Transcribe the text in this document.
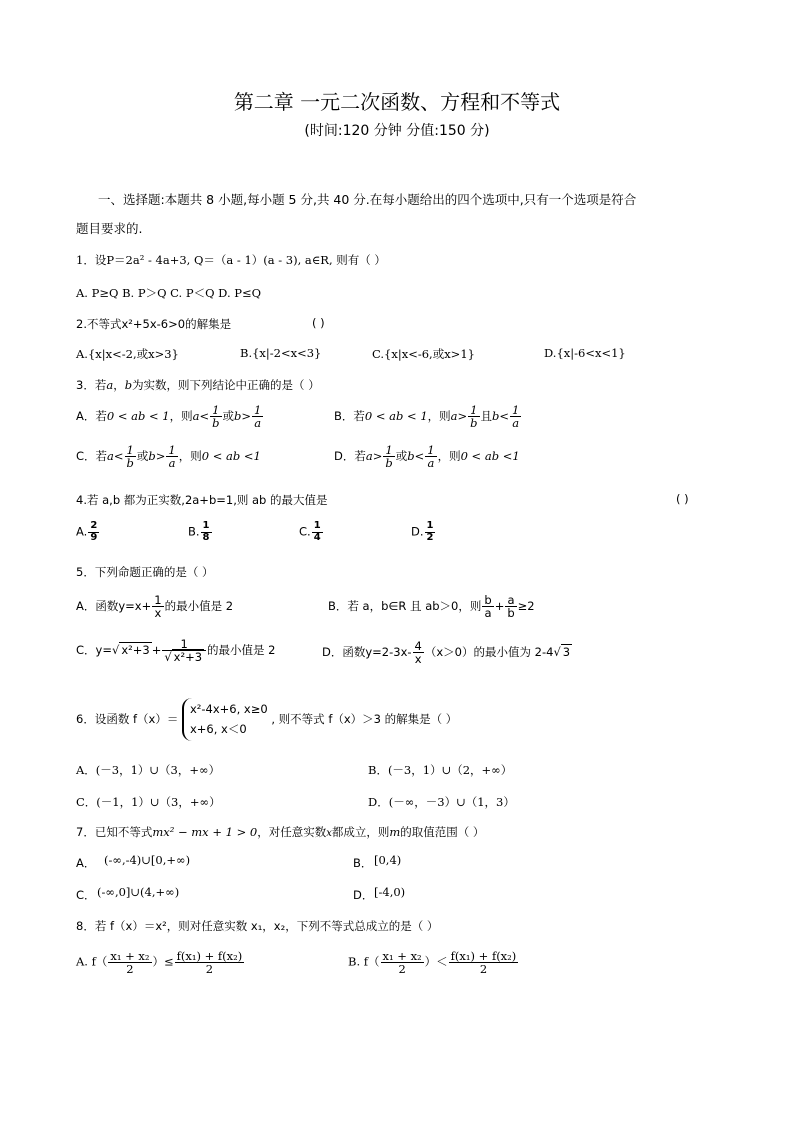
第二章 一元二次函数、方程和不等式
(时间:120 分钟 分值:150 分)
一、选择题:本题共 8 小题,每小题 5 分,共 40 分.在每小题给出的四个选项中,只有一个选项是符合
题目要求的.
1．设P＝2a² - 4a+3, Q＝（a - 1）(a - 3), a∈R, 则有（ ）
A. P≥Q B. P＞Q C. P＜Q D. P≤Q
2.不等式x²+5x-6>0的解集是	( )
A.{x|x<-2,或x>3}	B.{x|-2<x<3}	C.{x|x<-6,或x>1}	D.{x|-6<x<1}
3．若a，b为实数，则下列结论中正确的是（ ）
A．若0 < ab < 1，则$a< \frac{1}{b}$ 或$b> \frac{1}{a}$	B．若0 < ab < 1，则$a> \frac{1}{b}$ 且$b< \frac{1}{a}$
C．若$a< \frac{1}{b}$ 或$b> \frac{1}{a}$ ，则0 < ab <1	D．若$a> \frac{1}{b}$ 或$b< \frac{1}{a}$ ，则0 < ab <1
4.若 a,b 都为正实数,2a+b=1,则 ab 的最大值是	( )
A. $\frac{2}{9}$	B. $\frac{1}{8}$	C. $\frac{1}{4}$	D. $\frac{1}{2}$
5．下列命题正确的是（ ）
A．函数$y=x+ \frac{1}{x}$ 的最小值是 2	B．若 a，b∈R 且 ab＞0，则 $\frac{b}{a} + \frac{a}{b} \ge 2$
C．y=√ $x^2+3 + \frac{1}{\text{√ x²+3}}$ 的最小值是 2	D．函数$y=2-3x- \frac{4}{x} (x>0)$的最小值为 2-4√ 3
6．设函数 f（x）＝
x²-4x+6, x≥0
x+6, x＜0
, 则不等式 f（x）＞3 的解集是（ ）
A．(－3，1）∪（3，+∞）	B．(－3，1）∪（2，+∞）
C．(－1，1）∪（3，+∞）	D．(－∞，－3）∪（1，3）
7．已知不等式mx² − mx + 1 > 0，对任意实数x都成立，则m的取值范围（ ）
A． (-∞,-4)∪[0,+∞)	B． [0,4)
C． (-∞,0]∪(4,+∞)	D． [-4,0)
8．若 f（x）＝x²，则对任意实数 x₁，x₂，下列不等式总成立的是（ ）
A. $f( \frac{\text{x₁ + x₂}}{2}$ ）≤ $\frac{\text{f(x₁) + f(x₂)}}{2}$	B. $f( \frac{\text{x₁ + x₂}}{2}$ ）＜ $\frac{\text{f(x₁) + f(x₂)}}{2}$
